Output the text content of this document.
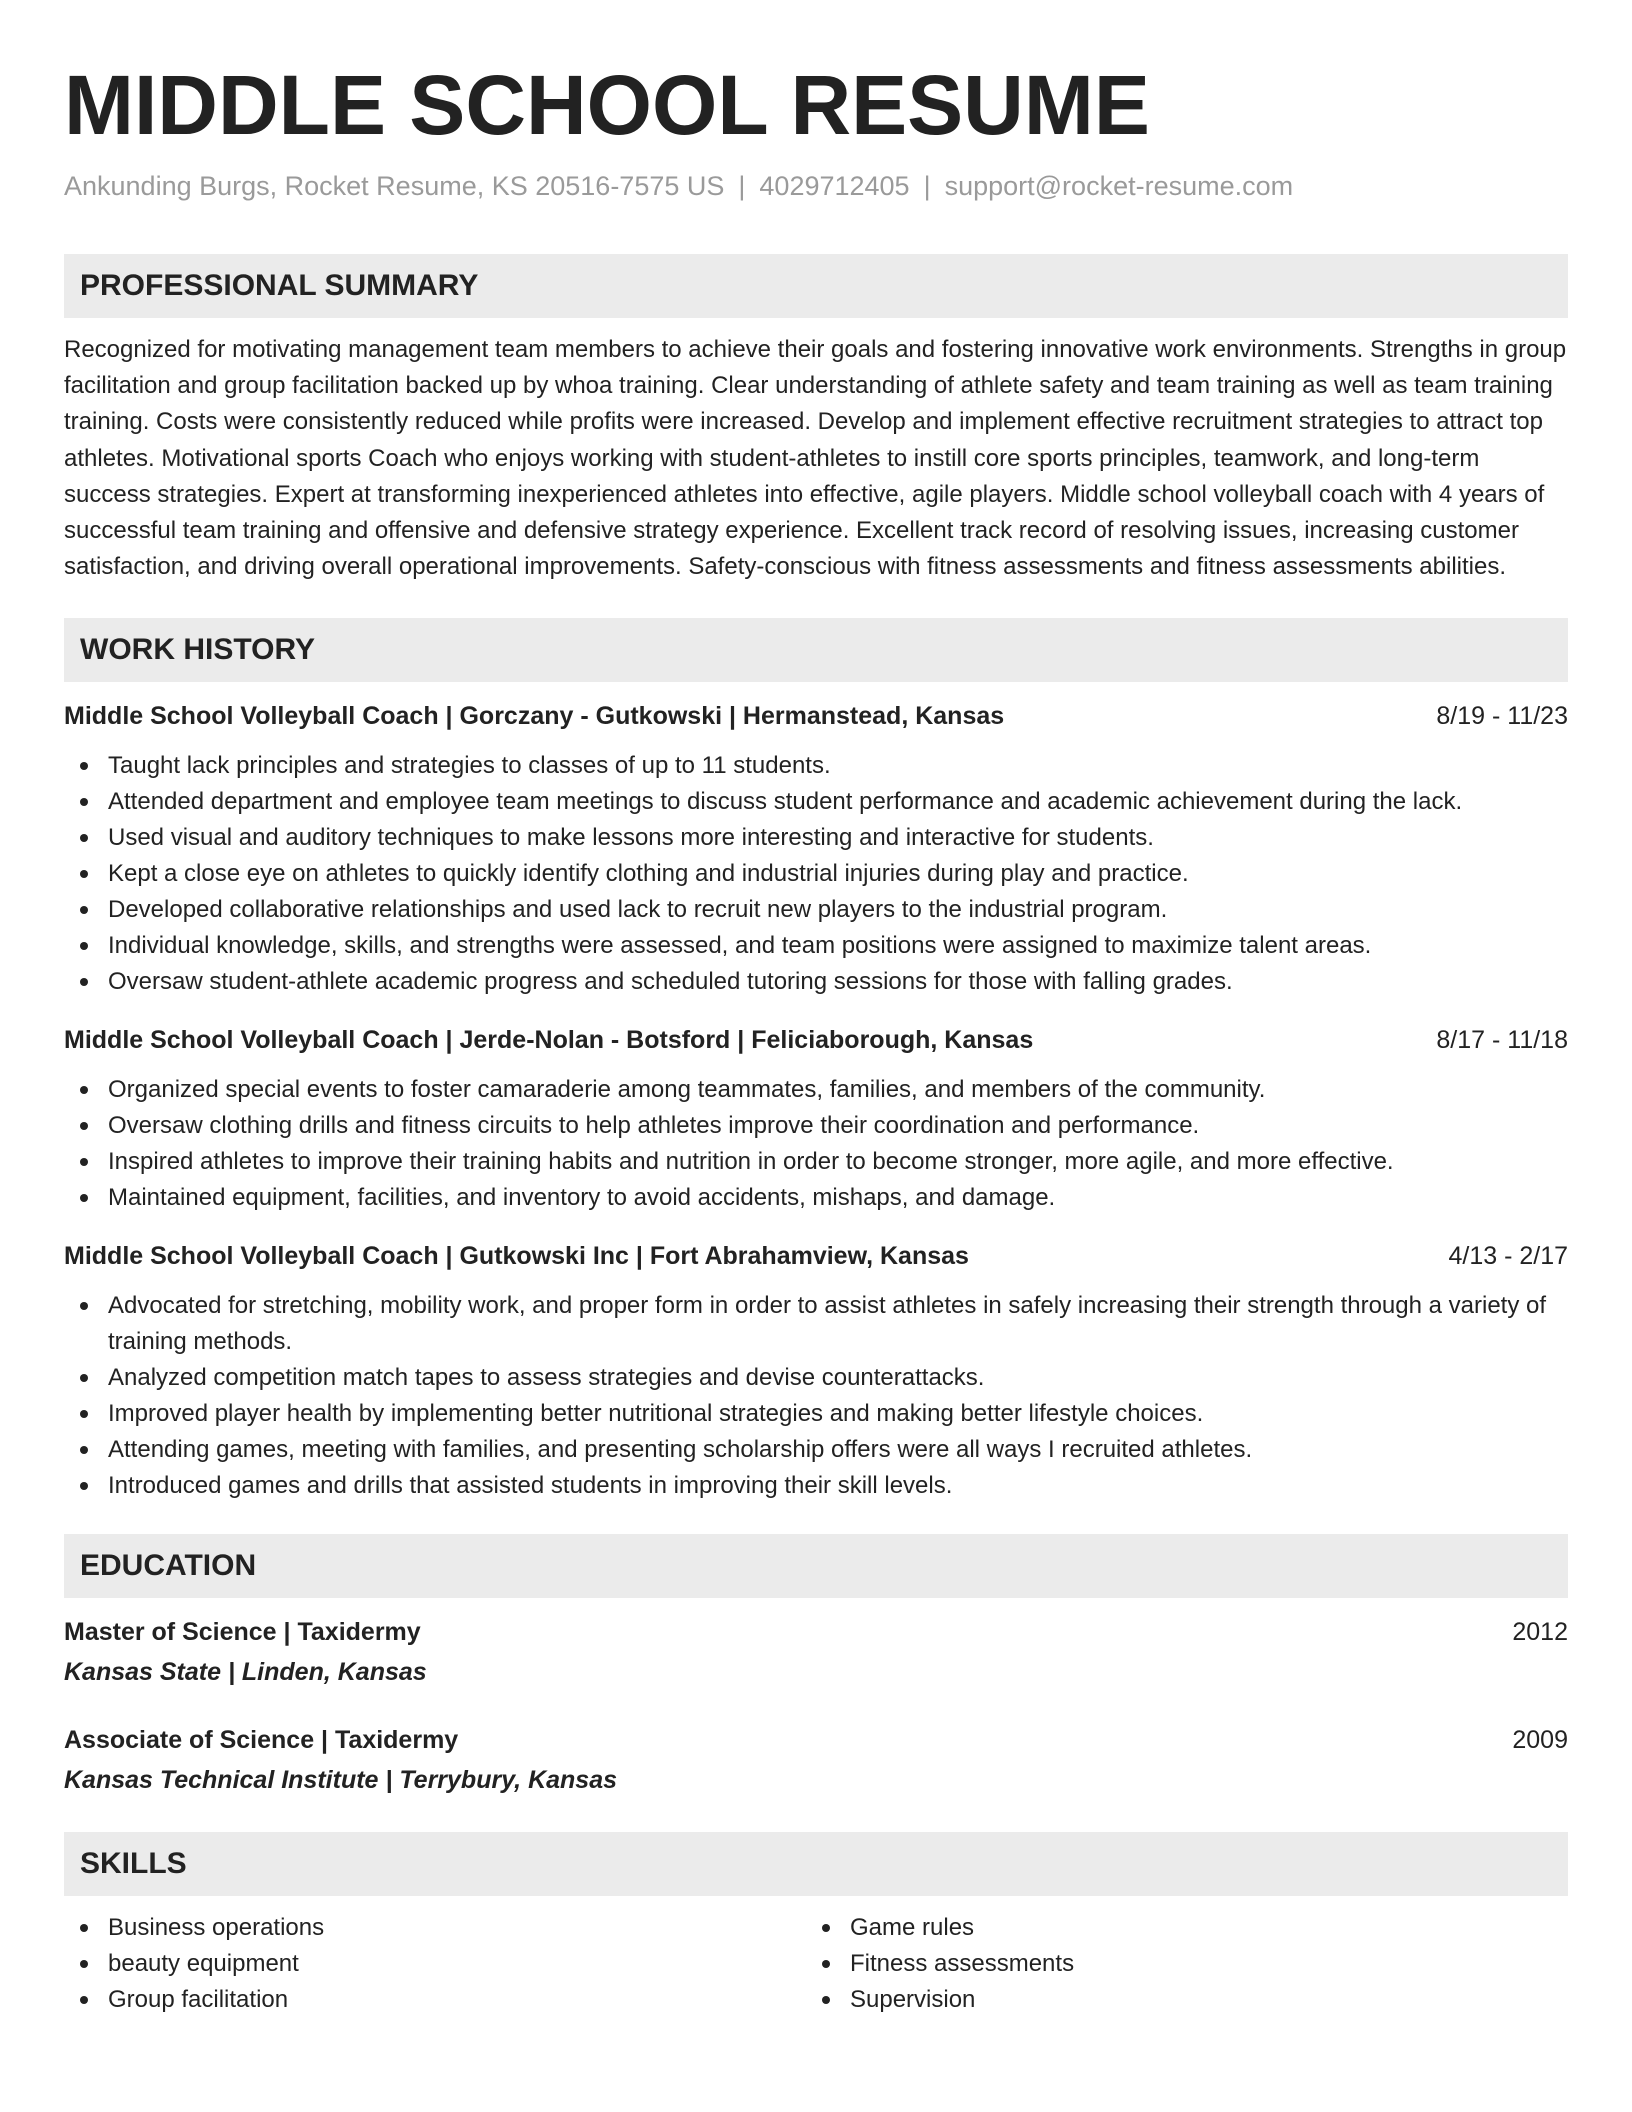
MIDDLE SCHOOL RESUME
Ankunding Burgs, Rocket Resume, KS 20516-7575 US | 4029712405 | support@rocket-resume.com
PROFESSIONAL SUMMARY

Recognized for motivating management team members to achieve their goals and fostering innovative work environments. Strengths in group facilitation and group facilitation backed up by whoa training. Clear understanding of athlete safety and team training as well as team training training. Costs were consistently reduced while profits were increased. Develop and implement effective recruitment strategies to attract top athletes. Motivational sports Coach who enjoys working with student-athletes to instill core sports principles, teamwork, and long-term success strategies. Expert at transforming inexperienced athletes into effective, agile players. Middle school volleyball coach with 4 years of successful team training and offensive and defensive strategy experience. Excellent track record of resolving issues, increasing customer satisfaction, and driving overall operational improvements. Safety-conscious with fitness assessments and fitness assessments abilities.

WORK HISTORY
Middle School Volleyball Coach | Gorczany - Gutkowski | Hermanstead, Kansas	8/19 - 11/23
Taught lack principles and strategies to classes of up to 11 students.
Attended department and employee team meetings to discuss student performance and academic achievement during the lack.
Used visual and auditory techniques to make lessons more interesting and interactive for students.
Kept a close eye on athletes to quickly identify clothing and industrial injuries during play and practice.
Developed collaborative relationships and used lack to recruit new players to the industrial program.
Individual knowledge, skills, and strengths were assessed, and team positions were assigned to maximize talent areas.
Oversaw student-athlete academic progress and scheduled tutoring sessions for those with falling grades.
Middle School Volleyball Coach | Jerde-Nolan - Botsford | Feliciaborough, Kansas	8/17 - 11/18
Organized special events to foster camaraderie among teammates, families, and members of the community.
Oversaw clothing drills and fitness circuits to help athletes improve their coordination and performance.
Inspired athletes to improve their training habits and nutrition in order to become stronger, more agile, and more effective.
Maintained equipment, facilities, and inventory to avoid accidents, mishaps, and damage.
Middle School Volleyball Coach | Gutkowski Inc | Fort Abrahamview, Kansas	4/13 - 2/17
Advocated for stretching, mobility work, and proper form in order to assist athletes in safely increasing their strength through a variety of training methods.
Analyzed competition match tapes to assess strategies and devise counterattacks.
Improved player health by implementing better nutritional strategies and making better lifestyle choices.
Attending games, meeting with families, and presenting scholarship offers were all ways I recruited athletes.
Introduced games and drills that assisted students in improving their skill levels.
EDUCATION
Master of Science | Taxidermy	2012
Kansas State | Linden, Kansas
Associate of Science | Taxidermy	2009
Kansas Technical Institute | Terrybury, Kansas
SKILLS
Business operations
beauty equipment
Group facilitation
Game rules
Fitness assessments
Supervision
